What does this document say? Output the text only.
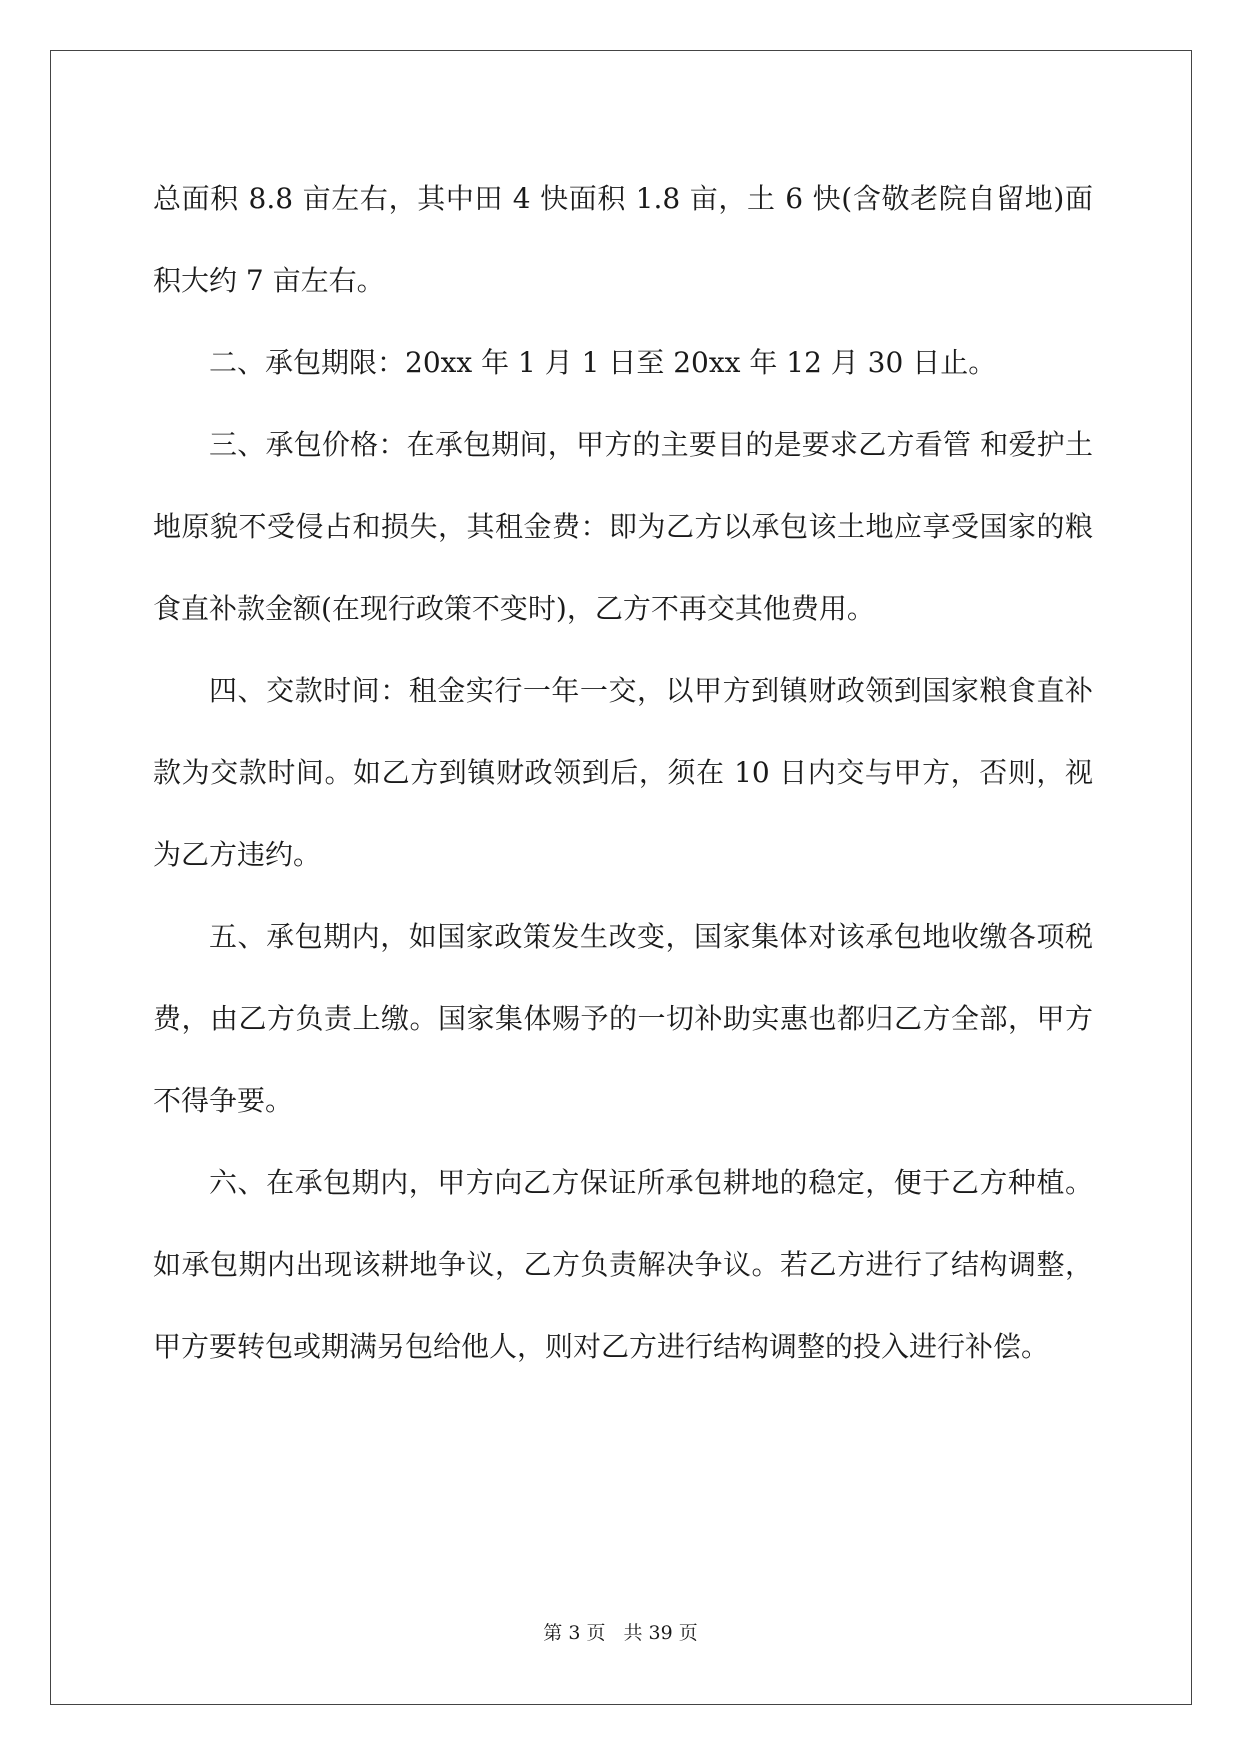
总面积 8.8 亩左右，其中田 4 快面积 1.8 亩，土 6 快(含敬老院自留地)面积大约 7 亩左右。

二、承包期限：20xx 年 1 月 1 日至 20xx 年 12 月 30 日止。

三、承包价格：在承包期间，甲方的主要目的是要求乙方看管 和爱护土地原貌不受侵占和损失，其租金费：即为乙方以承包该土地应享受国家的粮食直补款金额(在现行政策不变时)，乙方不再交其他费用。

四、交款时间：租金实行一年一交，以甲方到镇财政领到国家粮食直补款为交款时间。如乙方到镇财政领到后，须在 10 日内交与甲方，否则，视为乙方违约。

五、承包期内，如国家政策发生改变，国家集体对该承包地收缴各项税费，由乙方负责上缴。国家集体赐予的一切补助实惠也都归乙方全部，甲方不得争要。

六、在承包期内，甲方向乙方保证所承包耕地的稳定，便于乙方种植。如承包期内出现该耕地争议，乙方负责解决争议。若乙方进行了结构调整，甲方要转包或期满另包给他人，则对乙方进行结构调整的投入进行补偿。

第 3 页 共 39 页
